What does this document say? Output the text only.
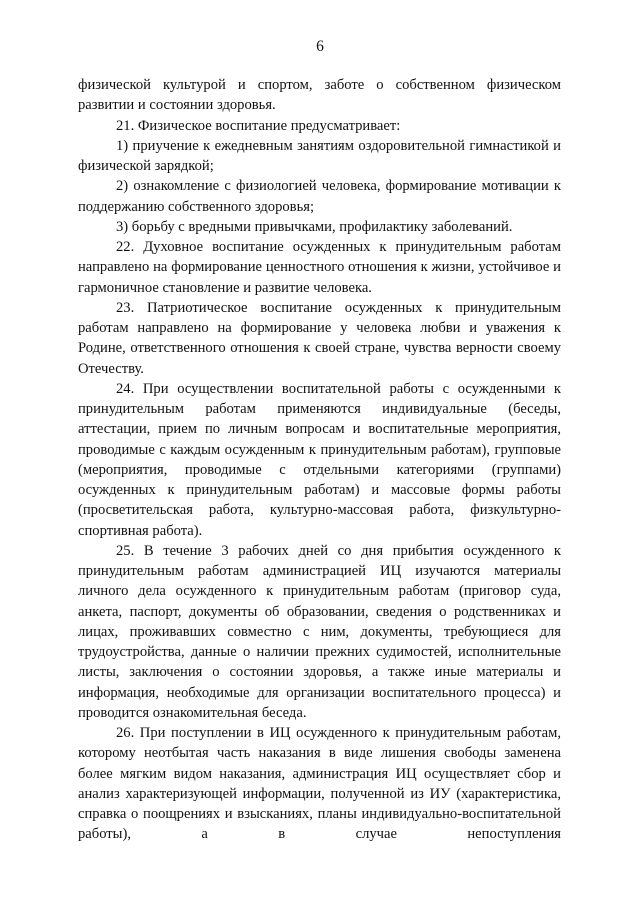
6

физической культурой и спортом, заботе о собственном физическом развитии и состоянии здоровья.

21. Физическое воспитание предусматривает:

1) приучение к ежедневным занятиям оздоровительной гимнастикой и физической зарядкой;

2) ознакомление с физиологией человека, формирование мотивации к поддержанию собственного здоровья;

3) борьбу с вредными привычками, профилактику заболеваний.

22. Духовное воспитание осужденных к принудительным работам направлено на формирование ценностного отношения к жизни, устойчивое и гармоничное становление и развитие человека.

23. Патриотическое воспитание осужденных к принудительным работам направлено на формирование у человека любви и уважения к Родине, ответственного отношения к своей стране, чувства верности своему Отечеству.

24. При осуществлении воспитательной работы с осужденными к принудительным работам применяются индивидуальные (беседы, аттестации, прием по личным вопросам и воспитательные мероприятия, проводимые с каждым осужденным к принудительным работам), групповые (мероприятия, проводимые с отдельными категориями (группами) осужденных к принудительным работам) и массовые формы работы (просветительская работа, культурно-массовая работа, физкультурно-спортивная работа).

25. В течение 3 рабочих дней со дня прибытия осужденного к принудительным работам администрацией ИЦ изучаются материалы личного дела осужденного к принудительным работам (приговор суда, анкета, паспорт, документы об образовании, сведения о родственниках и лицах, проживавших совместно с ним, документы, требующиеся для трудоустройства, данные о наличии прежних судимостей, исполнительные листы, заключения о состоянии здоровья, а также иные материалы и информация, необходимые для организации воспитательного процесса) и проводится ознакомительная беседа.

26. При поступлении в ИЦ осужденного к принудительным работам, которому неотбытая часть наказания в виде лишения свободы заменена более мягким видом наказания, администрация ИЦ осуществляет сбор и анализ характеризующей информации, полученной из ИУ (характеристика, справка о поощрениях и взысканиях, планы индивидуально-воспитательной работы), а в случае непоступления
